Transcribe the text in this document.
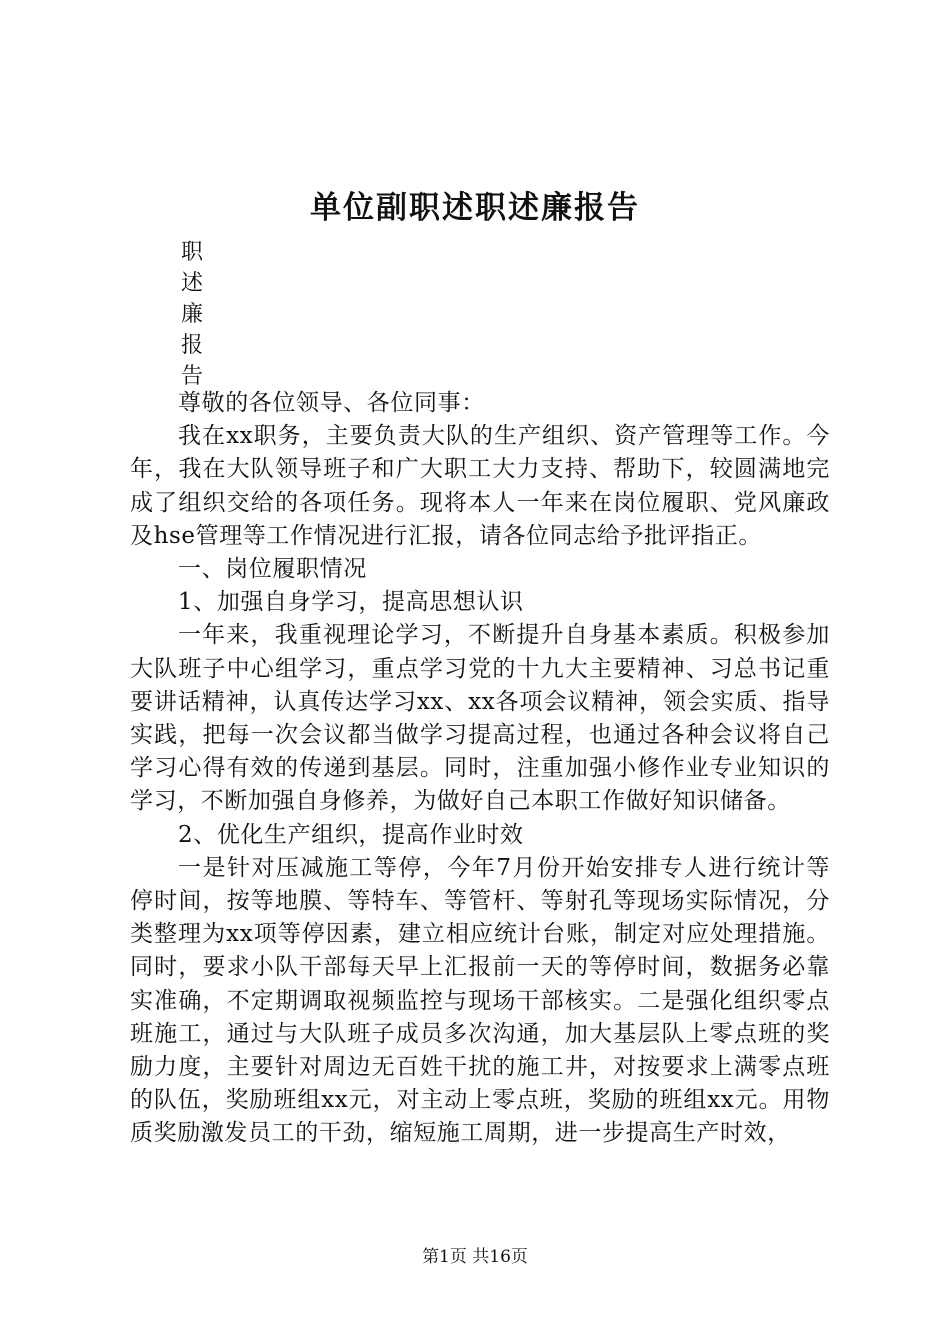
单位副职述职述廉报告
职
述
廉
报
告

尊敬的各位领导、各位同事：

我在xx职务，主要负责大队的生产组织、资产管理等工作。今年，我在大队领导班子和广大职工大力支持、帮助下，较圆满地完成了组织交给的各项任务。现将本人一年来在岗位履职、党风廉政及hse管理等工作情况进行汇报，请各位同志给予批评指正。

一、岗位履职情况

1、加强自身学习，提高思想认识

一年来，我重视理论学习，不断提升自身基本素质。积极参加大队班子中心组学习，重点学习党的十九大主要精神、习总书记重要讲话精神，认真传达学习xx、xx各项会议精神，领会实质、指导实践，把每一次会议都当做学习提高过程，也通过各种会议将自己学习心得有效的传递到基层。同时，注重加强小修作业专业知识的学习，不断加强自身修养，为做好自己本职工作做好知识储备。

2、优化生产组织，提高作业时效

一是针对压减施工等停，今年7月份开始安排专人进行统计等停时间，按等地膜、等特车、等管杆、等射孔等现场实际情况，分类整理为xx项等停因素，建立相应统计台账，制定对应处理措施。同时，要求小队干部每天早上汇报前一天的等停时间，数据务必靠实准确，不定期调取视频监控与现场干部核实。二是强化组织零点班施工，通过与大队班子成员多次沟通，加大基层队上零点班的奖励力度，主要针对周边无百姓干扰的施工井，对按要求上满零点班的队伍，奖励班组xx元，对主动上零点班，奖励的班组xx元。用物质奖励激发员工的干劲，缩短施工周期，进一步提高生产时效，

第1页 共16页
